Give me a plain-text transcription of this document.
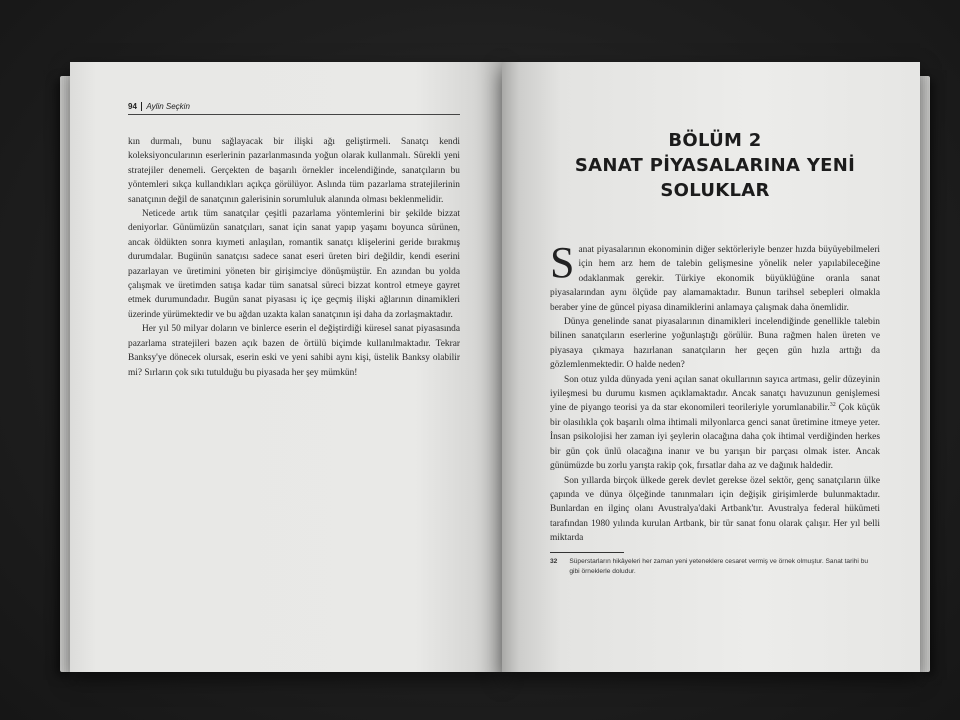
94 Aylin Seçkin

kın durmalı, bunu sağlayacak bir ilişki ağı geliştirmeli. Sanatçı kendi koleksiyoncularının eserlerinin pazarlanmasında yoğun olarak kullanmalı. Sürekli yeni stratejiler denemeli. Gerçekten de başarılı örnekler incelendiğinde, sanatçıların bu yöntemleri sıkça kullandıkları açıkça görülüyor. Aslında tüm pazarlama stratejilerinin sanatçının değil de sanatçının galerisinin sorumluluk alanında olması beklenmelidir.

Neticede artık tüm sanatçılar çeşitli pazarlama yöntemlerini bir şekilde bizzat deniyorlar. Günümüzün sanatçıları, sanat için sanat yapıp yaşamı boyunca sürünen, ancak öldükten sonra kıymeti anlaşılan, romantik sanatçı klişelerini geride bırakmış durumdalar. Bugünün sanatçısı sadece sanat eseri üreten biri değildir, kendi eserini pazarlayan ve üretimini yöneten bir girişimciye dönüşmüştür. En azından bu yolda çalışmak ve üretimden satışa kadar tüm sanatsal süreci bizzat kontrol etmeye gayret etmek durumundadır. Bugün sanat piyasası iç içe geçmiş ilişki ağlarının dinamikleri üzerinde yürümektedir ve bu ağdan uzakta kalan sanatçının işi daha da zorlaşmaktadır.

Her yıl 50 milyar doların ve binlerce eserin el değiştirdiği küresel sanat piyasasında pazarlama stratejileri bazen açık bazen de örtülü biçimde kullanılmaktadır. Tekrar Banksy'ye dönecek olursak, eserin eski ve yeni sahibi aynı kişi, üstelik Banksy olabilir mi? Sırların çok sıkı tutulduğu bu piyasada her şey mümkün!

BÖLÜM 2
SANAT PİYASALARINA YENİ
SOLUKLAR

Sanat piyasalarının ekonominin diğer sektörleriyle benzer hızda büyüyebilmeleri için hem arz hem de talebin gelişmesine yönelik neler yapılabileceğine odaklanmak gerekir. Türkiye ekonomik büyüklüğüne oranla sanat piyasalarından aynı ölçüde pay alamamaktadır. Bunun tarihsel sebepleri olmakla beraber yine de güncel piyasa dinamiklerini anlamaya çalışmak daha önemlidir.

Dünya genelinde sanat piyasalarının dinamikleri incelendiğinde genellikle talebin bilinen sanatçıların eserlerine yoğunlaştığı görülür. Buna rağmen halen üreten ve piyasaya çıkmaya hazırlanan sanatçıların her geçen gün hızla arttığı da gözlemlenmektedir. O halde neden?

Son otuz yılda dünyada yeni açılan sanat okullarının sayıca artması, gelir düzeyinin iyileşmesi bu durumu kısmen açıklamaktadır. Ancak sanatçı havuzunun genişlemesi yine de piyango teorisi ya da star ekonomileri teorileriyle yorumlanabilir.$^{32}$ Çok küçük bir olasılıkla çok başarılı olma ihtimali milyonlarca genci sanat üretimine itmeye yeter. İnsan psikolojisi her zaman iyi şeylerin olacağına daha çok ihtimal verdiğinden herkes bir gün çok ünlü olacağına inanır ve bu yarışın bir parçası olmak ister. Ancak günümüzde bu zorlu yarışta rakip çok, fırsatlar daha az ve dağınık haldedir.

Son yıllarda birçok ülkede gerek devlet gerekse özel sektör, genç sanatçıların ülke çapında ve dünya ölçeğinde tanınmaları için değişik girişimlerde bulunmaktadır. Bunlardan en ilginç olanı Avustralya'daki Artbank'tır. Avustralya federal hükümeti tarafından 1980 yılında kurulan Artbank, bir tür sanat fonu olarak çalışır. Her yıl belli miktarda

32 Süperstarların hikâyeleri her zaman yeni yeteneklere cesaret vermiş ve örnek olmuştur. Sanat tarihi bu gibi örneklerle doludur.
